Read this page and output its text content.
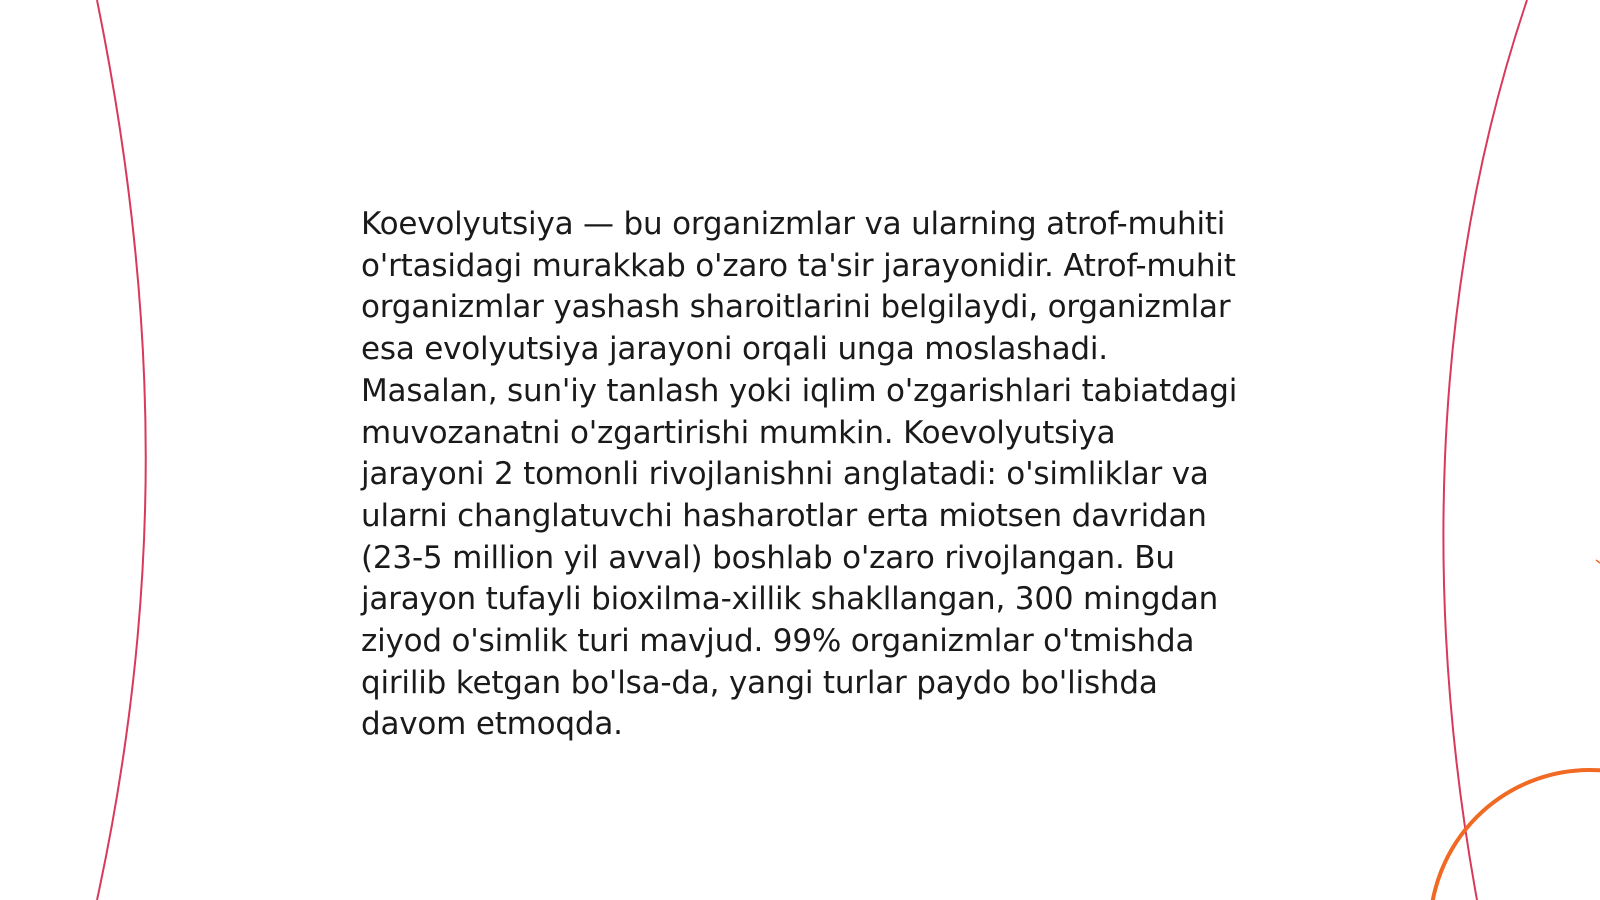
Koevolyutsiya — bu organizmlar va ularning atrof-muhiti o'rtasidagi murakkab o'zaro ta'sir jarayonidir. Atrof-muhit organizmlar yashash sharoitlarini belgilaydi, organizmlar esa evolyutsiya jarayoni orqali unga moslashadi. Masalan, sun'iy tanlash yoki iqlim o'zgarishlari tabiatdagi muvozanatni o'zgartirishi mumkin. Koevolyutsiya jarayoni 2 tomonli rivojlanishni anglatadi: o'simliklar va ularni changlatuvchi hasharotlar erta miotsen davridan (23-5 million yil avval) boshlab o'zaro rivojlangan. Bu jarayon tufayli bioxilma-xillik shakllangan, 300 mingdan ziyod o'simlik turi mavjud. 99% organizmlar o'tmishda qirilib ketgan bo'lsa-da, yangi turlar paydo bo'lishda davom etmoqda.
